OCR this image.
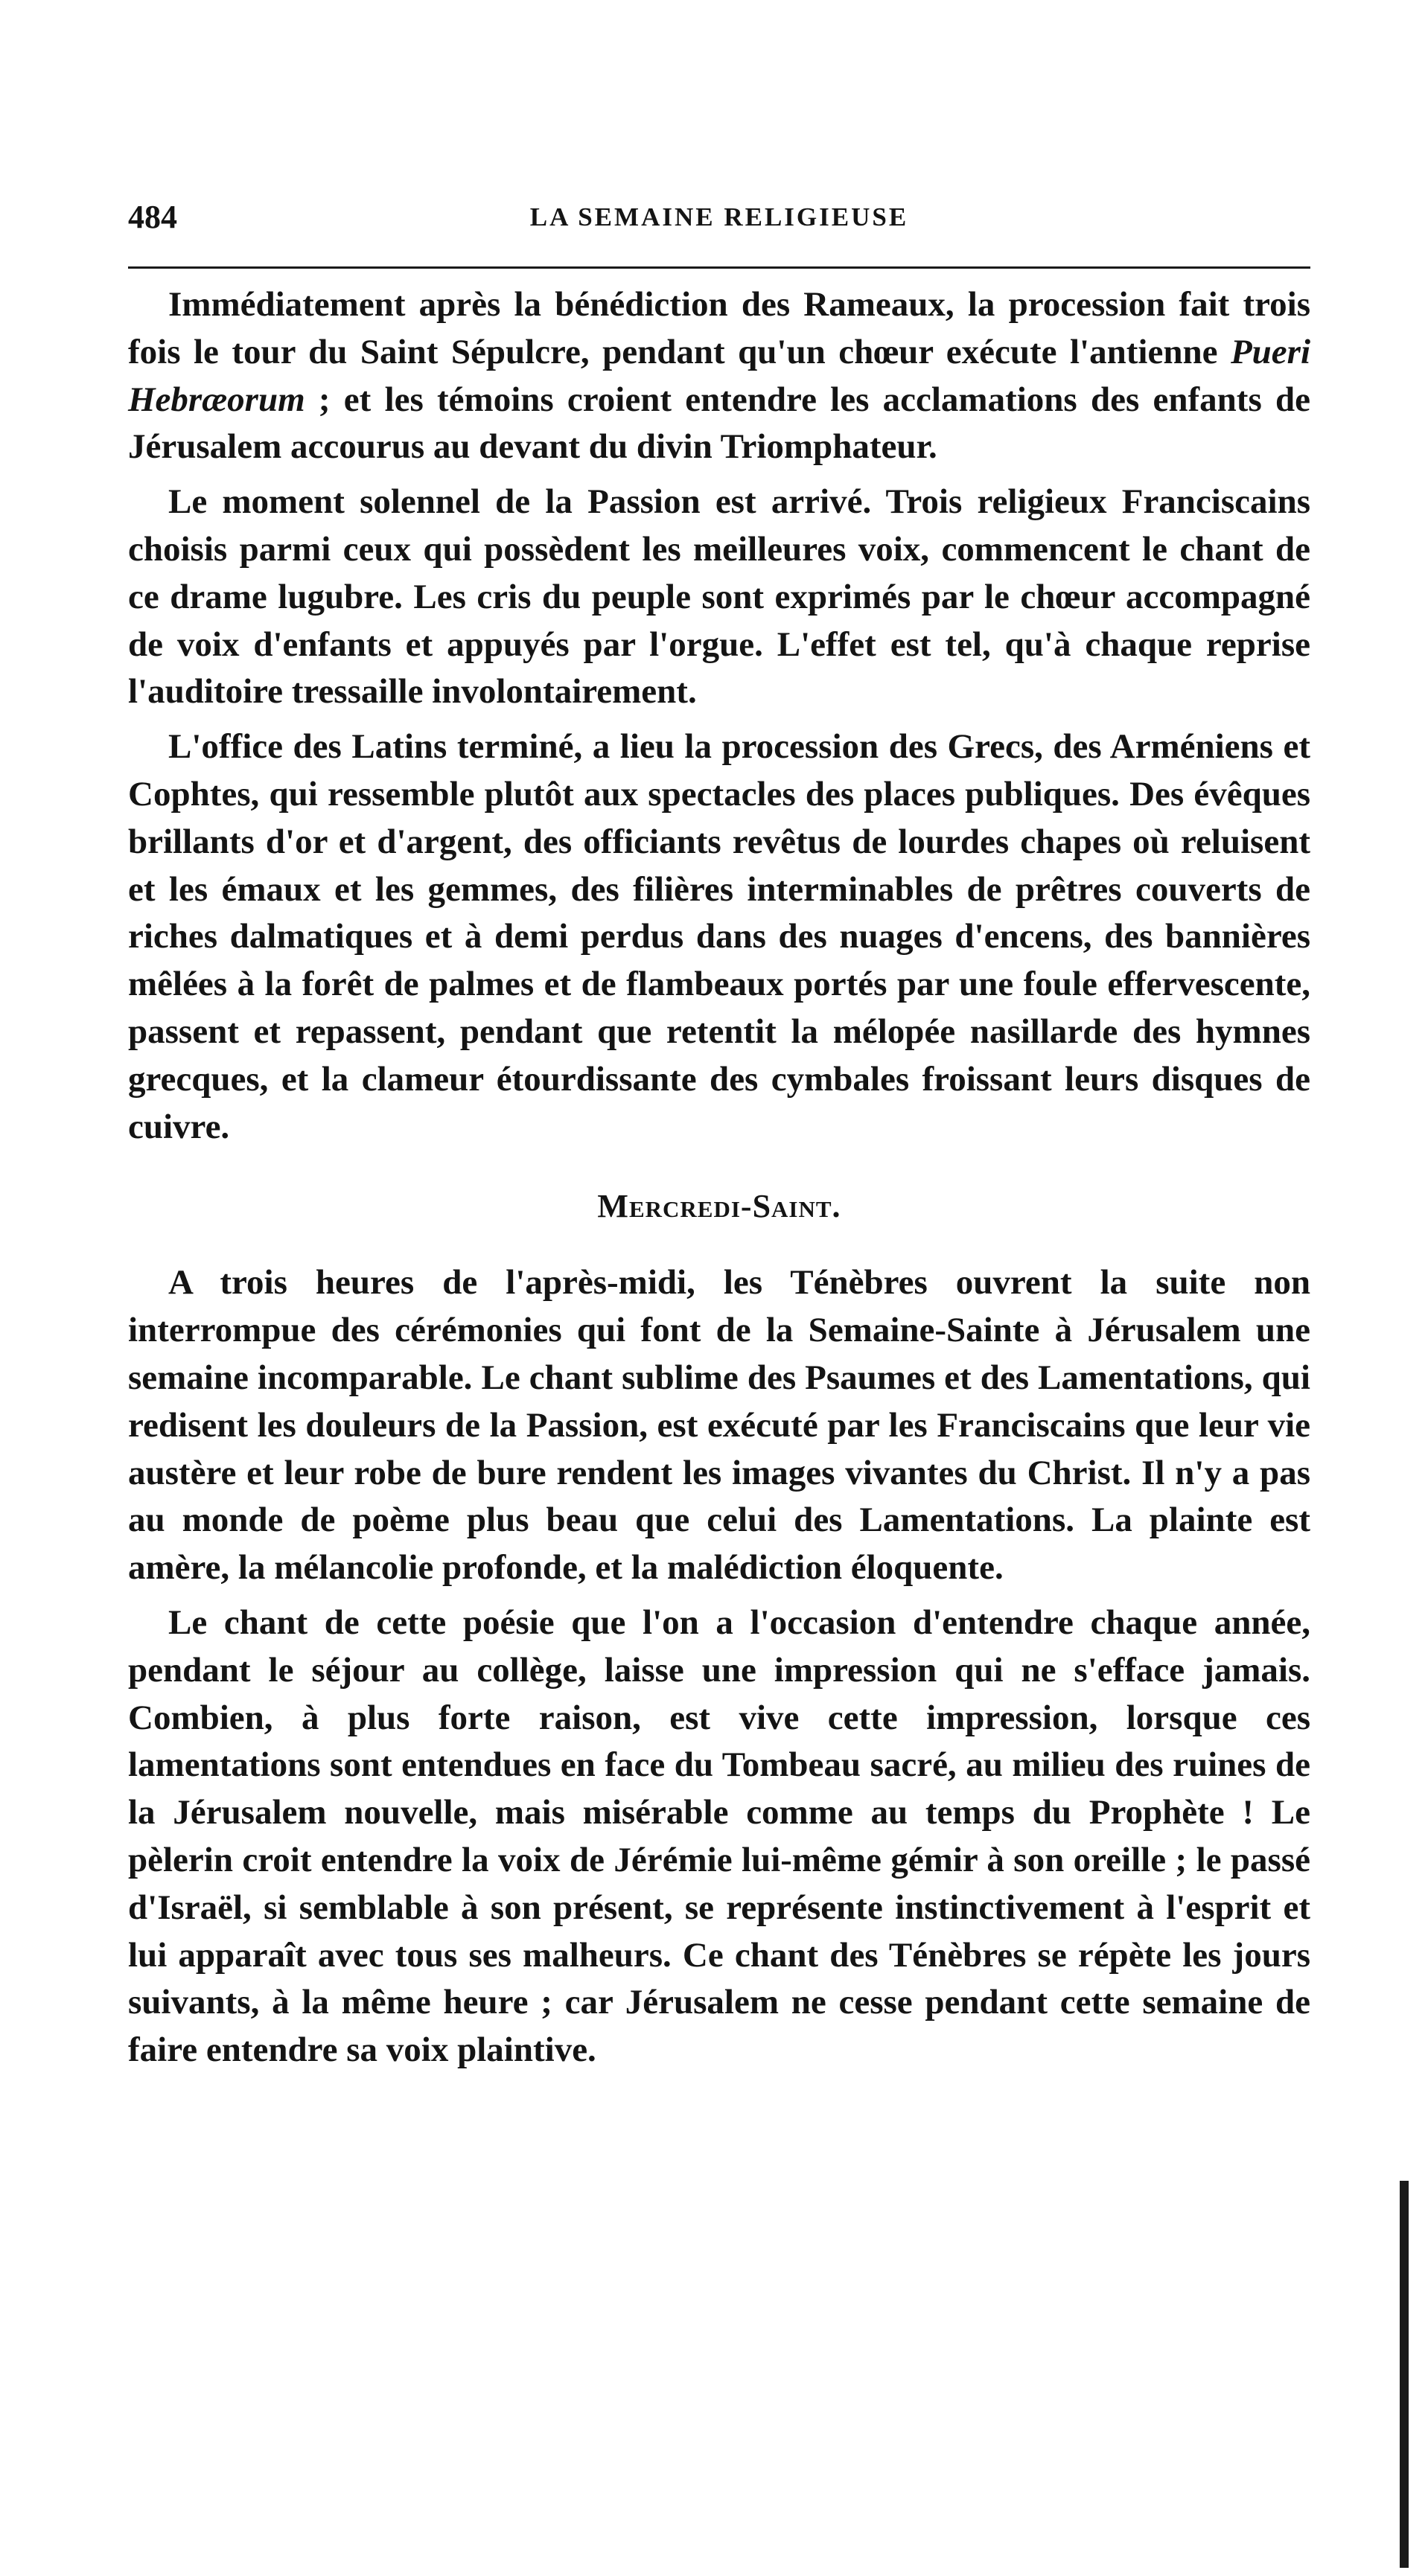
484	LA SEMAINE RELIGIEUSE

Immédiatement après la bénédiction des Rameaux, la procession fait trois fois le tour du Saint Sépulcre, pendant qu'un chœur exécute l'antienne Pueri Hebræorum ; et les témoins croient entendre les acclamations des enfants de Jérusalem accourus au devant du divin Triomphateur.

Le moment solennel de la Passion est arrivé. Trois religieux Franciscains choisis parmi ceux qui possèdent les meilleures voix, commencent le chant de ce drame lugubre. Les cris du peuple sont exprimés par le chœur accompagné de voix d'enfants et appuyés par l'orgue. L'effet est tel, qu'à chaque reprise l'auditoire tressaille involontairement.

L'office des Latins terminé, a lieu la procession des Grecs, des Arméniens et Cophtes, qui ressemble plutôt aux spectacles des places publiques. Des évêques brillants d'or et d'argent, des officiants revêtus de lourdes chapes où reluisent et les émaux et les gemmes, des filières interminables de prêtres couverts de riches dalmatiques et à demi perdus dans des nuages d'encens, des bannières mêlées à la forêt de palmes et de flambeaux portés par une foule effervescente, passent et repassent, pendant que retentit la mélopée nasillarde des hymnes grecques, et la clameur étourdissante des cymbales froissant leurs disques de cuivre.

Mercredi-Saint.

A trois heures de l'après-midi, les Ténèbres ouvrent la suite non interrompue des cérémonies qui font de la Semaine-Sainte à Jérusalem une semaine incomparable. Le chant sublime des Psaumes et des Lamentations, qui redisent les douleurs de la Passion, est exécuté par les Franciscains que leur vie austère et leur robe de bure rendent les images vivantes du Christ. Il n'y a pas au monde de poème plus beau que celui des Lamentations. La plainte est amère, la mélancolie profonde, et la malédiction éloquente.

Le chant de cette poésie que l'on a l'occasion d'entendre chaque année, pendant le séjour au collège, laisse une impression qui ne s'efface jamais. Combien, à plus forte raison, est vive cette impression, lorsque ces lamentations sont entendues en face du Tombeau sacré, au milieu des ruines de la Jérusalem nouvelle, mais misérable comme au temps du Prophète ! Le pèlerin croit entendre la voix de Jérémie lui-même gémir à son oreille ; le passé d'Israël, si semblable à son présent, se représente instinctivement à l'esprit et lui apparaît avec tous ses malheurs. Ce chant des Ténèbres se répète les jours suivants, à la même heure ; car Jérusalem ne cesse pendant cette semaine de faire entendre sa voix plaintive.
